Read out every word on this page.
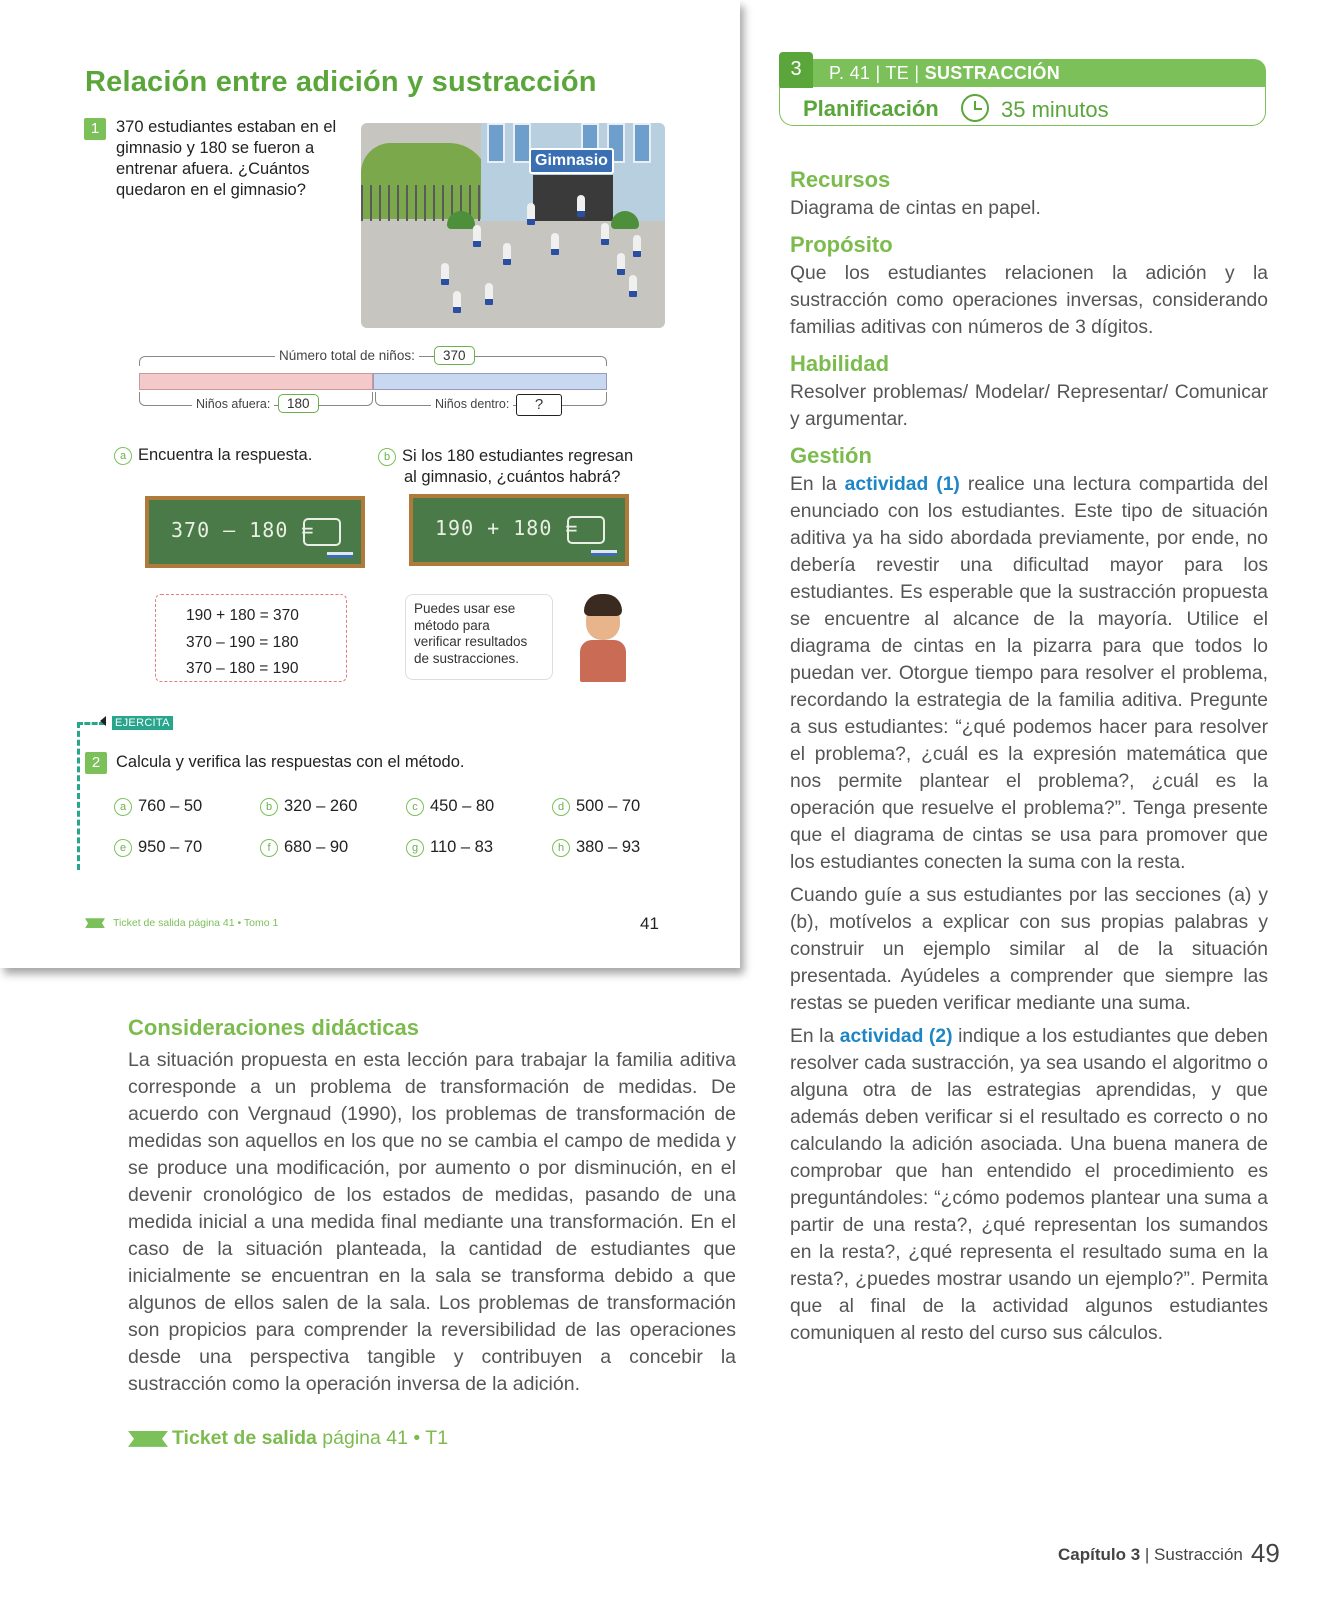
Relación entre adición y sustracción
1	370 estudiantes estaban en el gimnasio y 180 se fueron a entrenar afuera. ¿Cuántos quedaron en el gimnasio?
Gimnasio
Número total de niños:	370
Niños afuera:	180	Niños dentro:	?
a Encuentra la respuesta.	b Si los 180 estudiantes regresan
al gimnasio, ¿cuántos habrá?
370 – 180 =	190 + 180 =
190 + 180 = 370
370 – 190 = 180
370 – 180 = 190
Puedes usar ese
método para
verificar resultados
de sustracciones.
EJERCITA
2 Calcula y verifica las respuestas con el método.
a 760 – 50	b 320 – 260	c 450 – 80	d 500 – 70
e 950 – 70	f 680 – 90	g 110 – 83	h 380 – 93
Ticket de salida página 41 • Tomo 1	41
Consideraciones didácticas
La situación propuesta en esta lección para trabajar la familia aditiva corresponde a un problema de transformación de medidas. De acuerdo con Vergnaud (1990), los problemas de transformación de medidas son aquellos en los que no se cambia el campo de medida y se produce una modificación, por aumento o por disminución, en el devenir cronológico de los estados de medidas, pasando de una medida inicial a una medida final mediante una transformación. En el caso de la situación planteada, la cantidad de estudiantes que inicialmente se encuentran en la sala se transforma debido a que algunos de ellos salen de la sala. Los problemas de transformación son propicios para comprender la reversibilidad de las operaciones desde una perspectiva tangible y contribuyen a concebir la sustracción como la operación inversa de la adición.
Ticket de salida página 41 • T1
3	P. 41 | TE | SUSTRACCIÓN
Planificación	35 minutos
Recursos
Diagrama de cintas en papel.
Propósito
Que los estudiantes relacionen la adición y la sustracción como operaciones inversas, considerando familias aditivas con números de 3 dígitos.
Habilidad
Resolver problemas/ Modelar/ Representar/ Comunicar y argumentar.
Gestión
En la actividad (1) realice una lectura compartida del enunciado con los estudiantes. Este tipo de situación aditiva ya ha sido abordada previamente, por ende, no debería revestir una dificultad mayor para los estudiantes. Es esperable que la sustracción propuesta se encuentre al alcance de la mayoría. Utilice el diagrama de cintas en la pizarra para que todos lo puedan ver. Otorgue tiempo para resolver el problema, recordando la estrategia de la familia aditiva. Pregunte a sus estudiantes: “¿qué podemos hacer para resolver el problema?, ¿cuál es la expresión matemática que nos permite plantear el problema?, ¿cuál es la operación que resuelve el problema?”. Tenga presente que el diagrama de cintas se usa para promover que los estudiantes conecten la suma con la resta.
Cuando guíe a sus estudiantes por las secciones (a) y (b), motívelos a explicar con sus propias palabras y construir un ejemplo similar al de la situación presentada. Ayúdeles a comprender que siempre las restas se pueden verificar mediante una suma.
En la actividad (2) indique a los estudiantes que deben resolver cada sustracción, ya sea usando el algoritmo o alguna otra de las estrategias aprendidas, y que además deben verificar si el resultado es correcto o no calculando la adición asociada. Una buena manera de comprobar que han entendido el procedimiento es preguntándoles: “¿cómo podemos plantear una suma a partir de una resta?, ¿qué representan los sumandos en la resta?, ¿qué representa el resultado suma en la resta?, ¿puedes mostrar usando un ejemplo?”. Permita que al final de la actividad algunos estudiantes comuniquen al resto del curso sus cálculos.
Capítulo 3 | Sustracción 49
